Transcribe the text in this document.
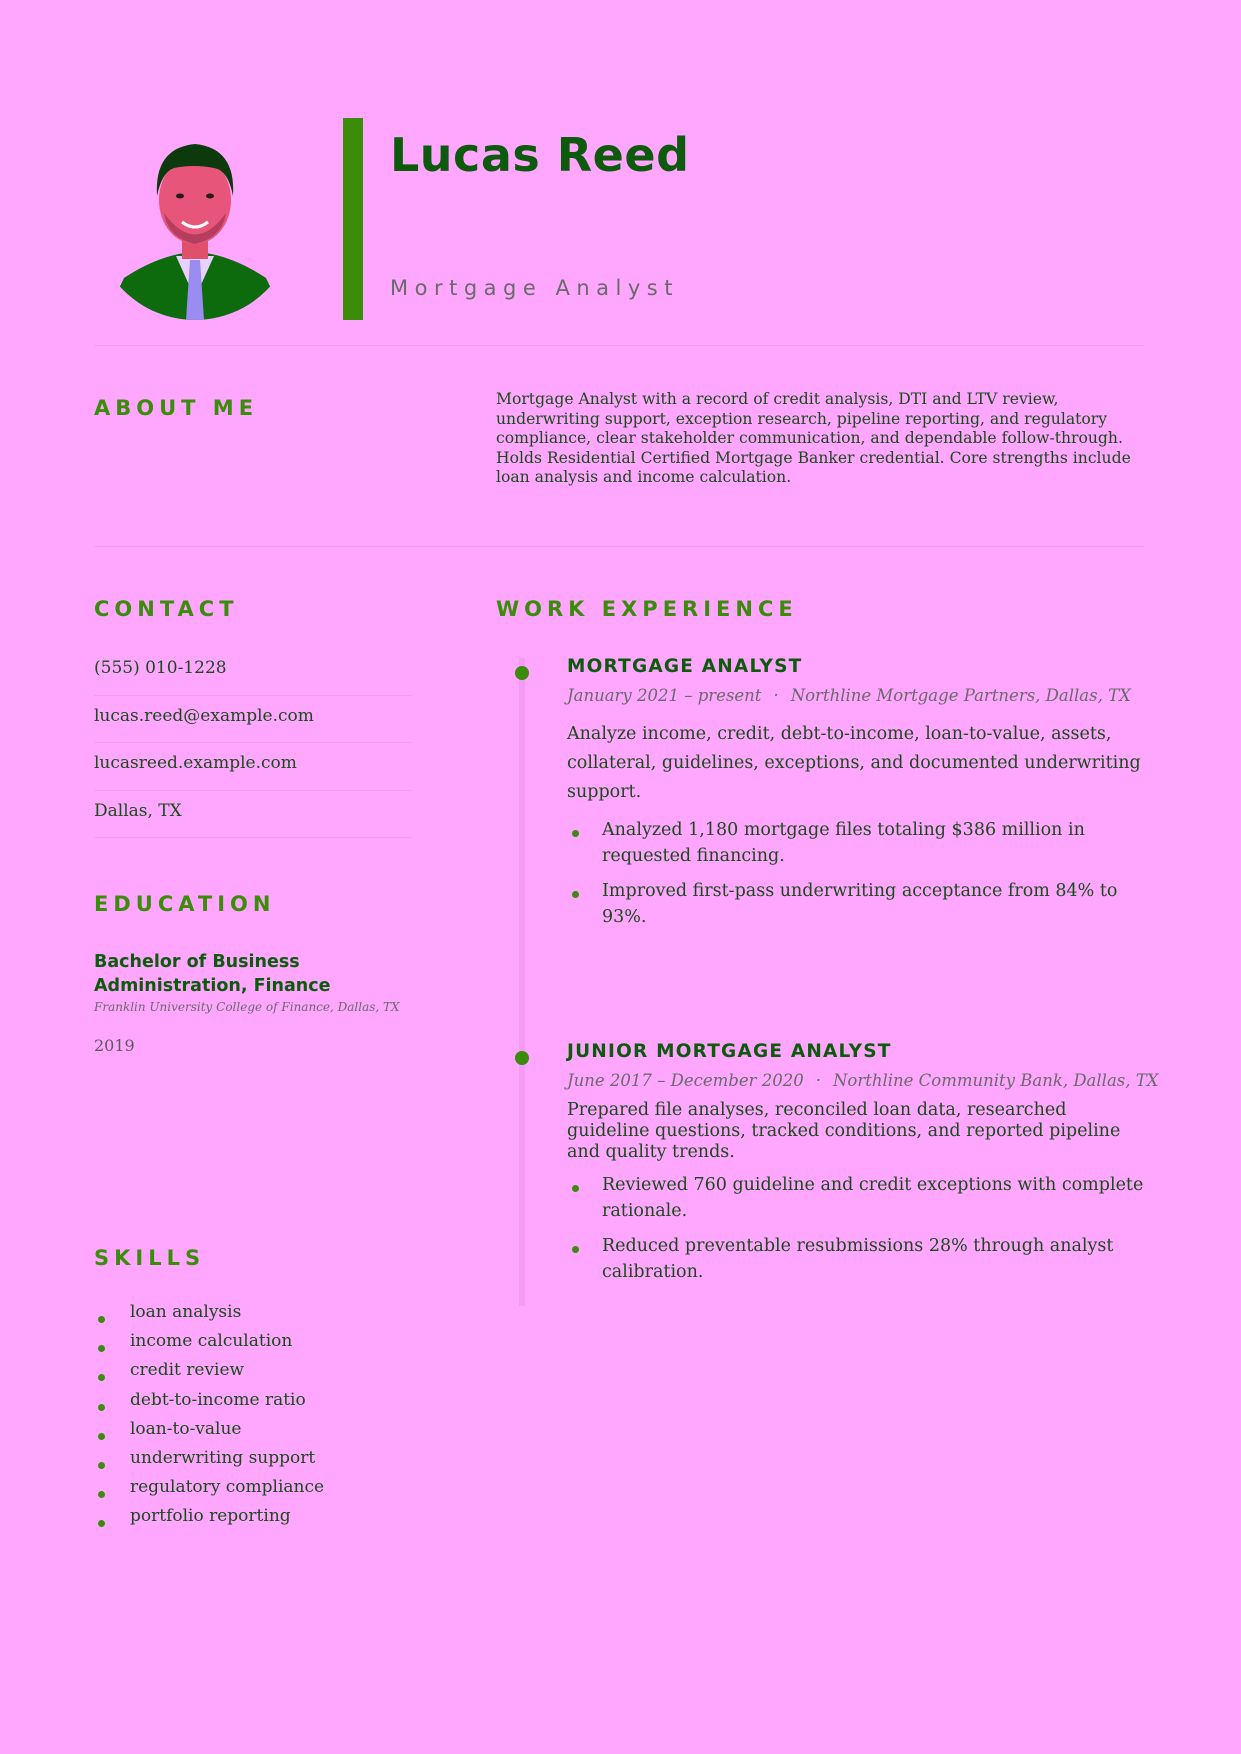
Lucas Reed
Mortgage Analyst
ABOUT ME	Mortgage Analyst with a record of credit analysis, DTI and LTV review, underwriting support, exception research, pipeline reporting, and regulatory compliance, clear stakeholder communication, and dependable follow-through. Holds Residential Certified Mortgage Banker credential. Core strengths include loan analysis and income calculation.
CONTACT
(555) 010-1228
lucas.reed@example.com
lucasreed.example.com
Dallas, TX
EDUCATION
Bachelor of Business Administration, Finance
Franklin University College of Finance, Dallas, TX
2019
SKILLS
loan analysis
income calculation
credit review
debt-to-income ratio
loan-to-value
underwriting support
regulatory compliance
portfolio reporting
WORK EXPERIENCE
MORTGAGE ANALYST
January 2021 – present · Northline Mortgage Partners, Dallas, TX
Analyze income, credit, debt-to-income, loan-to-value, assets, collateral, guidelines, exceptions, and documented underwriting support.
Analyzed 1,180 mortgage files totaling $386 million in requested financing.
Improved first-pass underwriting acceptance from 84% to 93%.
JUNIOR MORTGAGE ANALYST
June 2017 – December 2020 · Northline Community Bank, Dallas, TX
Prepared file analyses, reconciled loan data, researched guideline questions, tracked conditions, and reported pipeline and quality trends.
Reviewed 760 guideline and credit exceptions with complete rationale.
Reduced preventable resubmissions 28% through analyst calibration.
